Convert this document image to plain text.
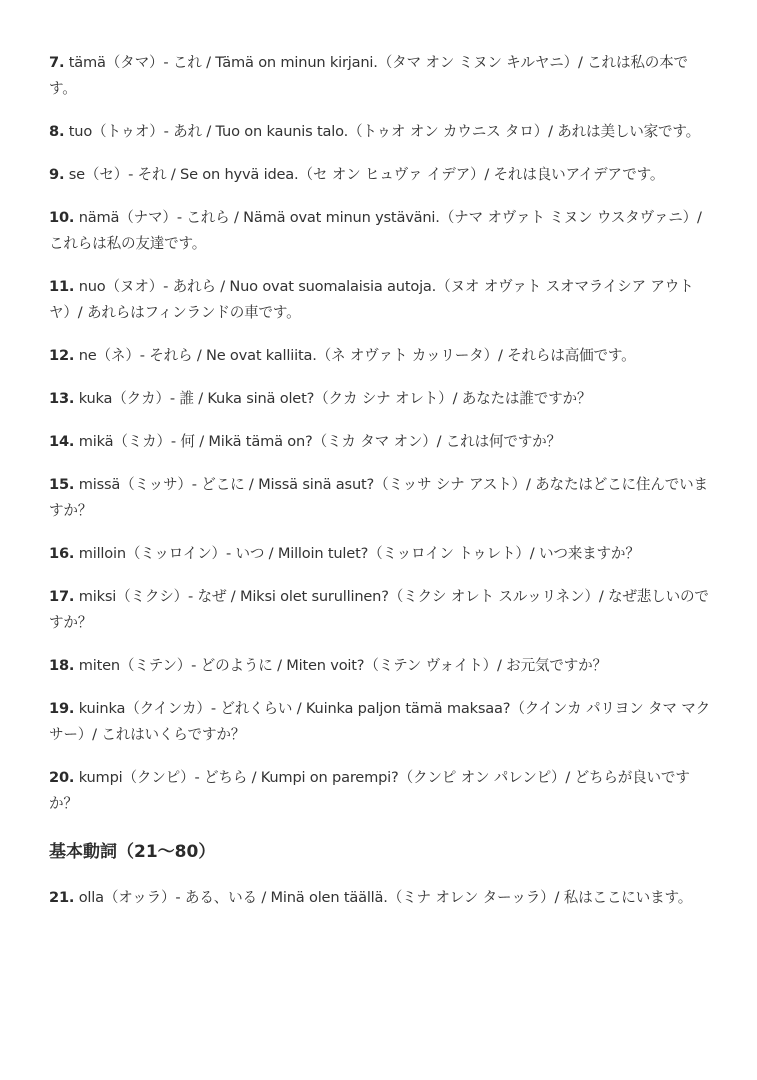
7. tämä（タマ）- これ / Tämä on minun kirjani.（タマ オン ミヌン キルヤニ）/ これは私の本です。

8. tuo（トゥオ）- あれ / Tuo on kaunis talo.（トゥオ オン カウニス タロ）/ あれは美しい家です。

9. se（セ）- それ / Se on hyvä idea.（セ オン ヒュヴァ イデア）/ それは良いアイデアです。

10. nämä（ナマ）- これら / Nämä ovat minun ystäväni.（ナマ オヴァト ミヌン ウスタヴァニ）/ これらは私の友達です。

11. nuo（ヌオ）- あれら / Nuo ovat suomalaisia autoja.（ヌオ オヴァト スオマライシア アウトヤ）/ あれらはフィンランドの車です。

12. ne（ネ）- それら / Ne ovat kalliita.（ネ オヴァト カッリータ）/ それらは高価です。

13. kuka（クカ）- 誰 / Kuka sinä olet?（クカ シナ オレト）/ あなたは誰ですか？

14. mikä（ミカ）- 何 / Mikä tämä on?（ミカ タマ オン）/ これは何ですか？

15. missä（ミッサ）- どこに / Missä sinä asut?（ミッサ シナ アスト）/ あなたはどこに住んでいますか？

16. milloin（ミッロイン）- いつ / Milloin tulet?（ミッロイン トゥレト）/ いつ来ますか？

17. miksi（ミクシ）- なぜ / Miksi olet surullinen?（ミクシ オレト スルッリネン）/ なぜ悲しいのですか？

18. miten（ミテン）- どのように / Miten voit?（ミテン ヴォイト）/ お元気ですか？

19. kuinka（クインカ）- どれくらい / Kuinka paljon tämä maksaa?（クインカ パリヨン タマ マクサー）/ これはいくらですか？

20. kumpi（クンピ）- どちら / Kumpi on parempi?（クンピ オン パレンピ）/ どちらが良いですか？

基本動詞（21〜80）

21. olla（オッラ）- ある、いる / Minä olen täällä.（ミナ オレン ターッラ）/ 私はここにいます。
